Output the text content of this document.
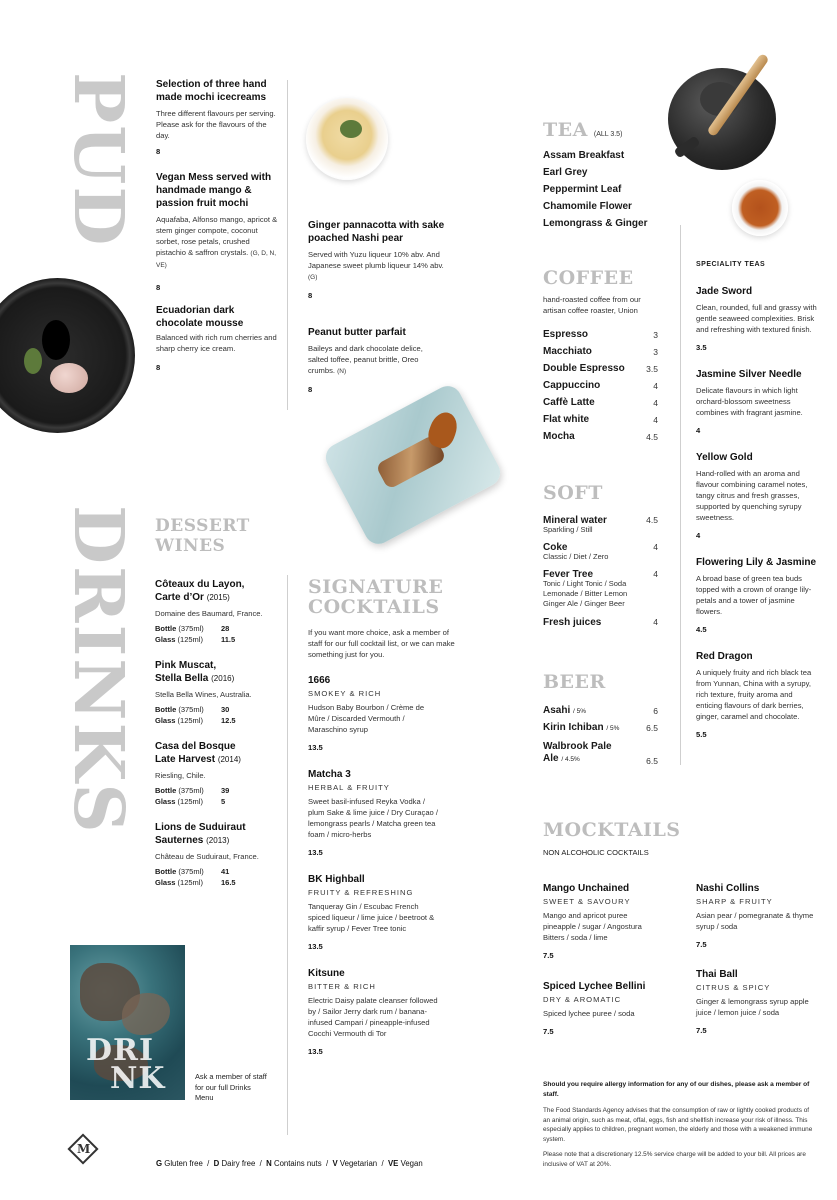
PUD
DRINKS
Selection of three hand made mochi icecreams
Three different flavours per serving. Please ask for the flavours of the day.
8
Vegan Mess served with handmade mango & passion fruit mochi
Aquafaba, Alfonso mango, apricot & stem ginger compote, coconut sorbet, rose petals, crushed pistachio & saffron crystals. (G, D, N, VE)
8
Ecuadorian dark chocolate mousse
Balanced with rich rum cherries and sharp cherry ice cream.
8
Ginger pannacotta with sake poached Nashi pear
Served with Yuzu liqueur 10% abv. And Japanese sweet plumb liqueur 14% abv. (G)
8
Peanut butter parfait
Baileys and dark chocolate delice, salted toffee, peanut brittle, Oreo crumbs. (N)
8
TEA (ALL 3.5)
Assam Breakfast
Earl Grey
Peppermint Leaf
Chamomile Flower
Lemongrass & Ginger
COFFEE
hand-roasted coffee from our artisan coffee roaster, Union
Espresso	3
Macchiato	3
Double Espresso	3.5
Cappuccino	4
Caffè Latte	4
Flat white	4
Mocha	4.5
SOFT
Mineral water	4.5
Sparkling / Still
Coke	4
Classic / Diet / Zero
Fever Tree	4
Tonic / Light Tonic / Soda Lemonade / Bitter Lemon Ginger Ale / Ginger Beer
Fresh juices	4
BEER
Asahi / 5%	6
Kirin Ichiban / 5%	6.5
Walbrook Pale Ale / 4.5%	6.5
SPECIALITY TEAS
Jade Sword
Clean, rounded, full and grassy with gentle seaweed complexities. Brisk and refreshing with textured finish.
3.5
Jasmine Silver Needle
Delicate flavours in which light orchard-blossom sweetness combines with fragrant jasmine.
4
Yellow Gold
Hand-rolled with an aroma and flavour combining caramel notes, tangy citrus and fresh grasses, supported by quenching syrupy sweetness.
4
Flowering Lily & Jasmine
A broad base of green tea buds topped with a crown of orange lily-petals and a tower of jasmine flowers.
4.5
Red Dragon
A uniquely fruity and rich black tea from Yunnan, China with a syrupy, rich texture, fruity aroma and enticing flavours of dark berries, ginger, caramel and chocolate.
5.5
DESSERT
WINES
Côteaux du Layon,
Carte d’Or (2015)
Domaine des Baumard, France.
Bottle (375ml)	28
Glass (125ml)	11.5
Pink Muscat,
Stella Bella (2016)
Stella Bella Wines, Australia.
Bottle (375ml)	30
Glass (125ml)	12.5
Casa del Bosque
Late Harvest (2014)
Riesling, Chile.
Bottle (375ml)	39
Glass (125ml)	5
Lions de Suduiraut
Sauternes (2013)
Château de Suduiraut, France.
Bottle (375ml)	41
Glass (125ml)	16.5
SIGNATURE
COCKTAILS
If you want more choice, ask a member of staff for our full cocktail list, or we can make something just for you.
1666
SMOKEY & RICH
Hudson Baby Bourbon / Crème de Mûre / Discarded Vermouth / Maraschino syrup
13.5
Matcha 3
HERBAL & FRUITY
Sweet basil-infused Reyka Vodka / plum Sake & lime juice / Dry Curaçao / lemongrass pearls / Matcha green tea foam / micro-herbs
13.5
BK Highball
FRUITY & REFRESHING
Tanqueray Gin / Escubac French spiced liqueur / lime juice / beetroot & kaffir syrup / Fever Tree tonic
13.5
Kitsune
BITTER & RICH
Electric Daisy palate cleanser followed by / Sailor Jerry dark rum / banana-infused Campari / pineapple-infused Cocchi Vermouth di Tor
13.5
MOCKTAILS
NON ALCOHOLIC COCKTAILS
Mango Unchained
SWEET & SAVOURY
Mango and apricot puree pineapple / sugar / Angostura Bitters / soda / lime
7.5
Nashi Collins
SHARP & FRUITY
Asian pear / pomegranate & thyme syrup / soda
7.5
Spiced Lychee Bellini
DRY & AROMATIC
Spiced lychee puree / soda
7.5
Thai Ball
CITRUS & SPICY
Ginger & lemongrass syrup apple juice / lemon juice / soda
7.5
Should you require allergy information for any of our dishes, please ask a member of staff.
The Food Standards Agency advises that the consumption of raw or lightly cooked products of an animal origin, such as meat, offal, eggs, fish and shellfish increase your risk of illness. This especially applies to children, pregnant women, the elderly and those with a weakened immune system.
Please note that a discretionary 12.5% service charge will be added to your bill. All prices are inclusive of VAT at 20%.
DRI
NK	Ask a member of staff for our full Drinks Menu
M
G Gluten free  /  D Dairy free  /  N Contains nuts  /  V Vegetarian  /  VE Vegan
